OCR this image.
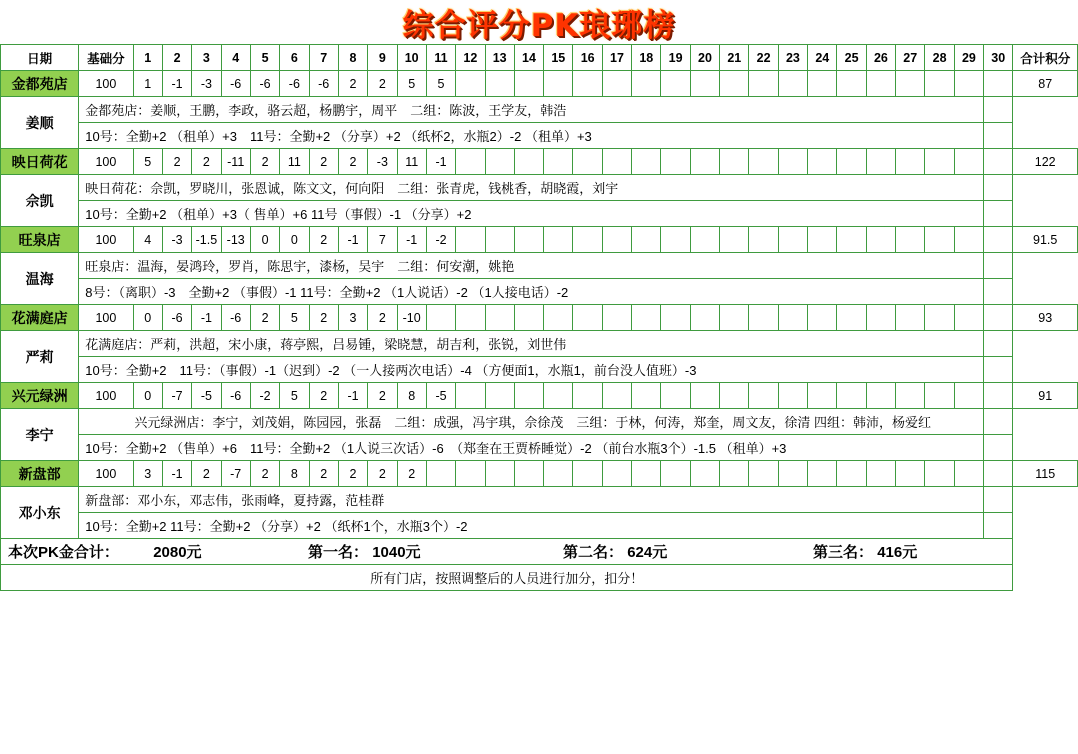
综合评分PK琅琊榜
日期	基础分	1	2	3	4	5	6	7	8	9	10	11	12	13	14	15	16	17	18	19	20	21	22	23	24	25	26	27	28	29	30	合计积分
金都苑店	100	1	-1	-3	-6	-6	-6	-6	2	2	5	5																				87
姜顺	金都苑店：姜顺，王鹏，李政，骆云超，杨鹏宇，周平　二组：陈波，王学友，韩浩																															
	10号：全勤+2 （租单）+3　11号：全勤+2 （分享）+2 （纸杯2，水瓶2）-2 （租单）+3																															
映日荷花	100	5	2	2	-11	2	11	2	2	-3	11	-1																				122
佘凯	映日荷花：佘凯，罗晓川，张恩诚，陈文文，何向阳　二组：张青虎，钱桃香，胡晓霞，刘宇																															
	10号：全勤+2 （租单）+3（ 售单）+6 11号（事假）-1 （分享）+2																															
旺泉店	100	4	-3	-1.5	-13	0	0	2	-1	7	-1	-2																				91.5
温海	旺泉店：温海，晏鸿玲，罗肖，陈思宇，漆杨，吴宇　二组：何安潮，姚艳																															
	8号：（离职）-3　全勤+2 （事假）-1 11号：全勤+2 （1人说话）-2 （1人接电话）-2																															
花满庭店	100	0	-6	-1	-6	2	5	2	3	2	-10																					93
严莉	花满庭店：严莉，洪超，宋小康，蒋亭熙，吕易锺，梁晓慧，胡吉利，张锐，刘世伟																															
	10号：全勤+2　11号：（事假）-1（迟到）-2 （一人接两次电话）-4 （方便面1，水瓶1，前台没人值班）-3																															
兴元绿洲	100	0	-7	-5	-6	-2	5	2	-1	2	8	-5																				91
李宁	兴元绿洲店：李宁，刘茂娟，陈园园，张磊　二组：成强，冯宇琪，佘徐茂　三组：于林，何涛，郑奎，周文友，徐清 四组：韩沛，杨爱红																															
	10号：全勤+2 （售单）+6　11号：全勤+2 （1人说三次话）-6　（郑奎在王贾桥睡觉）-2 （前台水瓶3个）-1.5 （租单）+3																															
新盘部	100	3	-1	2	-7	2	8	2	2	2	2																					115
邓小东	新盘部：邓小东，邓志伟，张雨峰，夏持露，范桂群																															
	10号：全勤+2 11号：全勤+2 （分享）+2 （纸杯1个，水瓶3个）-2																															

本次PK金合计： 2080元 第一名： 1040元 第二名： 624元 第三名： 416元																																

所有门店，按照调整后的人员进行加分，扣分！																																
